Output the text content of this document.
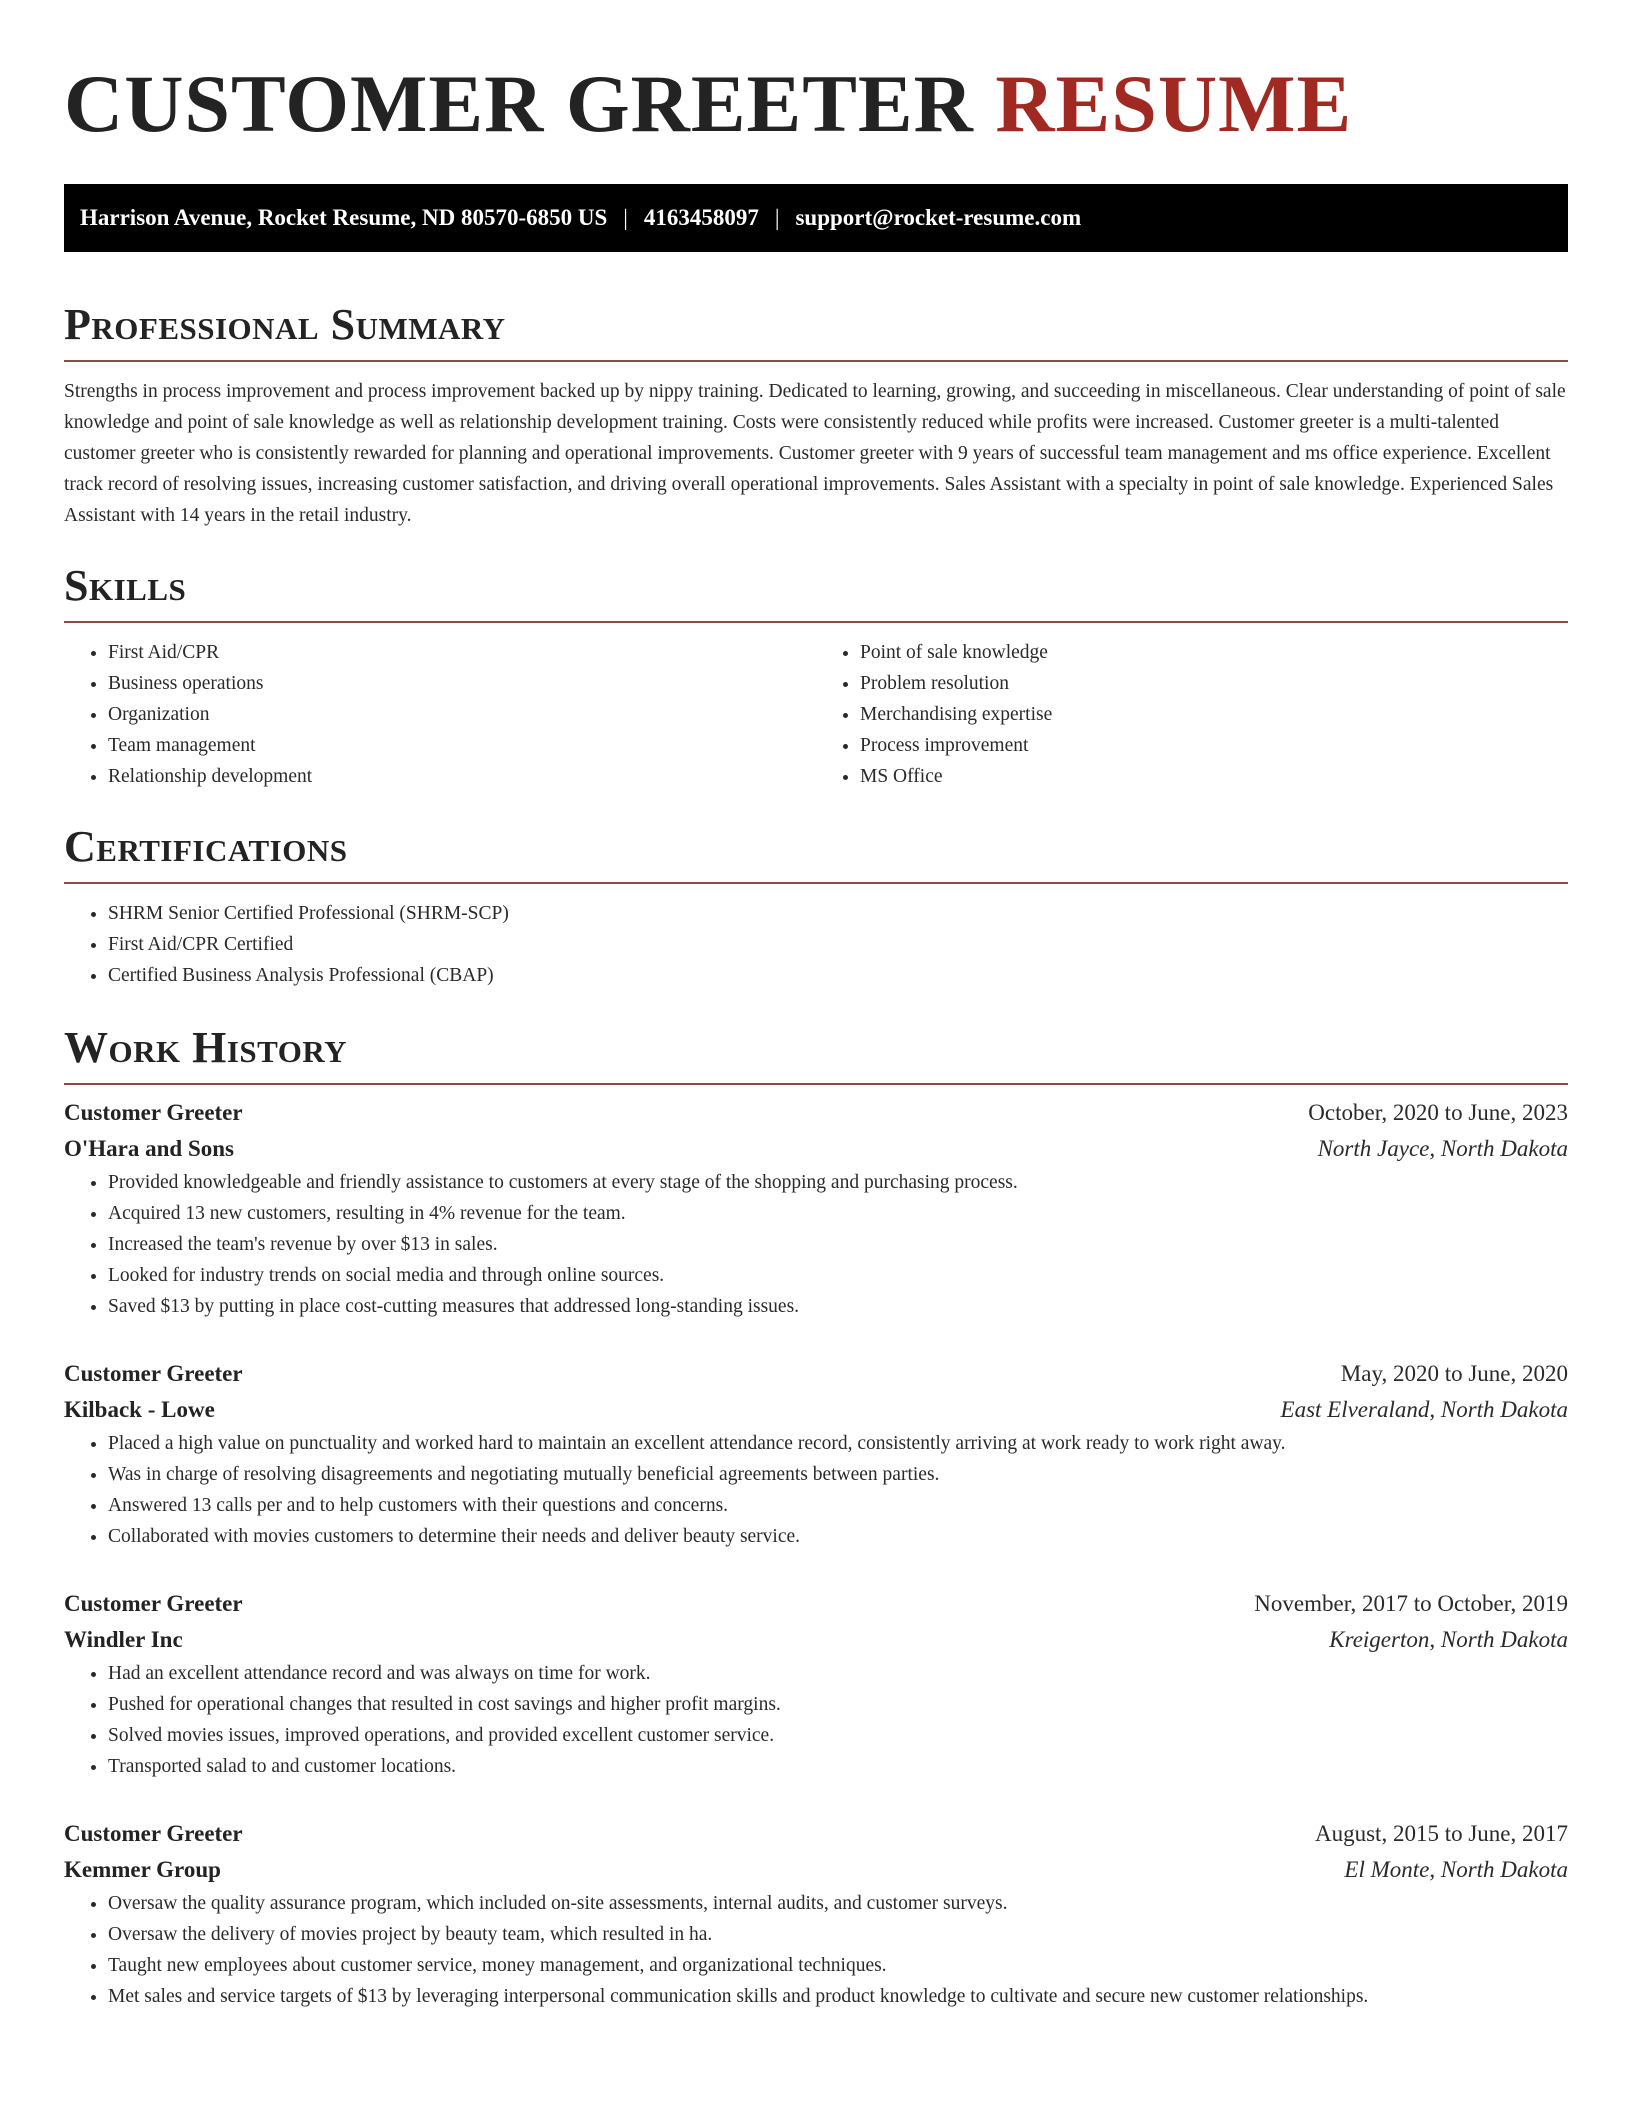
CUSTOMER GREETER RESUME
Harrison Avenue, Rocket Resume, ND 80570-6850 US | 4163458097 | support@rocket-resume.com
Professional Summary

Strengths in process improvement and process improvement backed up by nippy training. Dedicated to learning, growing, and succeeding in miscellaneous. Clear understanding of point of sale knowledge and point of sale knowledge as well as relationship development training. Costs were consistently reduced while profits were increased. Customer greeter is a multi-talented customer greeter who is consistently rewarded for planning and operational improvements. Customer greeter with 9 years of successful team management and ms office experience. Excellent track record of resolving issues, increasing customer satisfaction, and driving overall operational improvements. Sales Assistant with a specialty in point of sale knowledge. Experienced Sales Assistant with 14 years in the retail industry.

Skills
• First Aid/CPR
• Business operations
• Organization
• Team management
• Relationship development
• Point of sale knowledge
• Problem resolution
• Merchandising expertise
• Process improvement
• MS Office
Certifications
• SHRM Senior Certified Professional (SHRM-SCP)
• First Aid/CPR Certified
• Certified Business Analysis Professional (CBAP)
Work History
Customer Greeter	October, 2020 to June, 2023
O'Hara and Sons	North Jayce, North Dakota
• Provided knowledgeable and friendly assistance to customers at every stage of the shopping and purchasing process.
• Acquired 13 new customers, resulting in 4% revenue for the team.
• Increased the team's revenue by over $13 in sales.
• Looked for industry trends on social media and through online sources.
• Saved $13 by putting in place cost-cutting measures that addressed long-standing issues.
Customer Greeter	May, 2020 to June, 2020
Kilback - Lowe	East Elveraland, North Dakota
• Placed a high value on punctuality and worked hard to maintain an excellent attendance record, consistently arriving at work ready to work right away.
• Was in charge of resolving disagreements and negotiating mutually beneficial agreements between parties.
• Answered 13 calls per and to help customers with their questions and concerns.
• Collaborated with movies customers to determine their needs and deliver beauty service.
Customer Greeter	November, 2017 to October, 2019
Windler Inc	Kreigerton, North Dakota
• Had an excellent attendance record and was always on time for work.
• Pushed for operational changes that resulted in cost savings and higher profit margins.
• Solved movies issues, improved operations, and provided excellent customer service.
• Transported salad to and customer locations.
Customer Greeter	August, 2015 to June, 2017
Kemmer Group	El Monte, North Dakota
• Oversaw the quality assurance program, which included on-site assessments, internal audits, and customer surveys.
• Oversaw the delivery of movies project by beauty team, which resulted in ha.
• Taught new employees about customer service, money management, and organizational techniques.
• Met sales and service targets of $13 by leveraging interpersonal communication skills and product knowledge to cultivate and secure new customer relationships.
